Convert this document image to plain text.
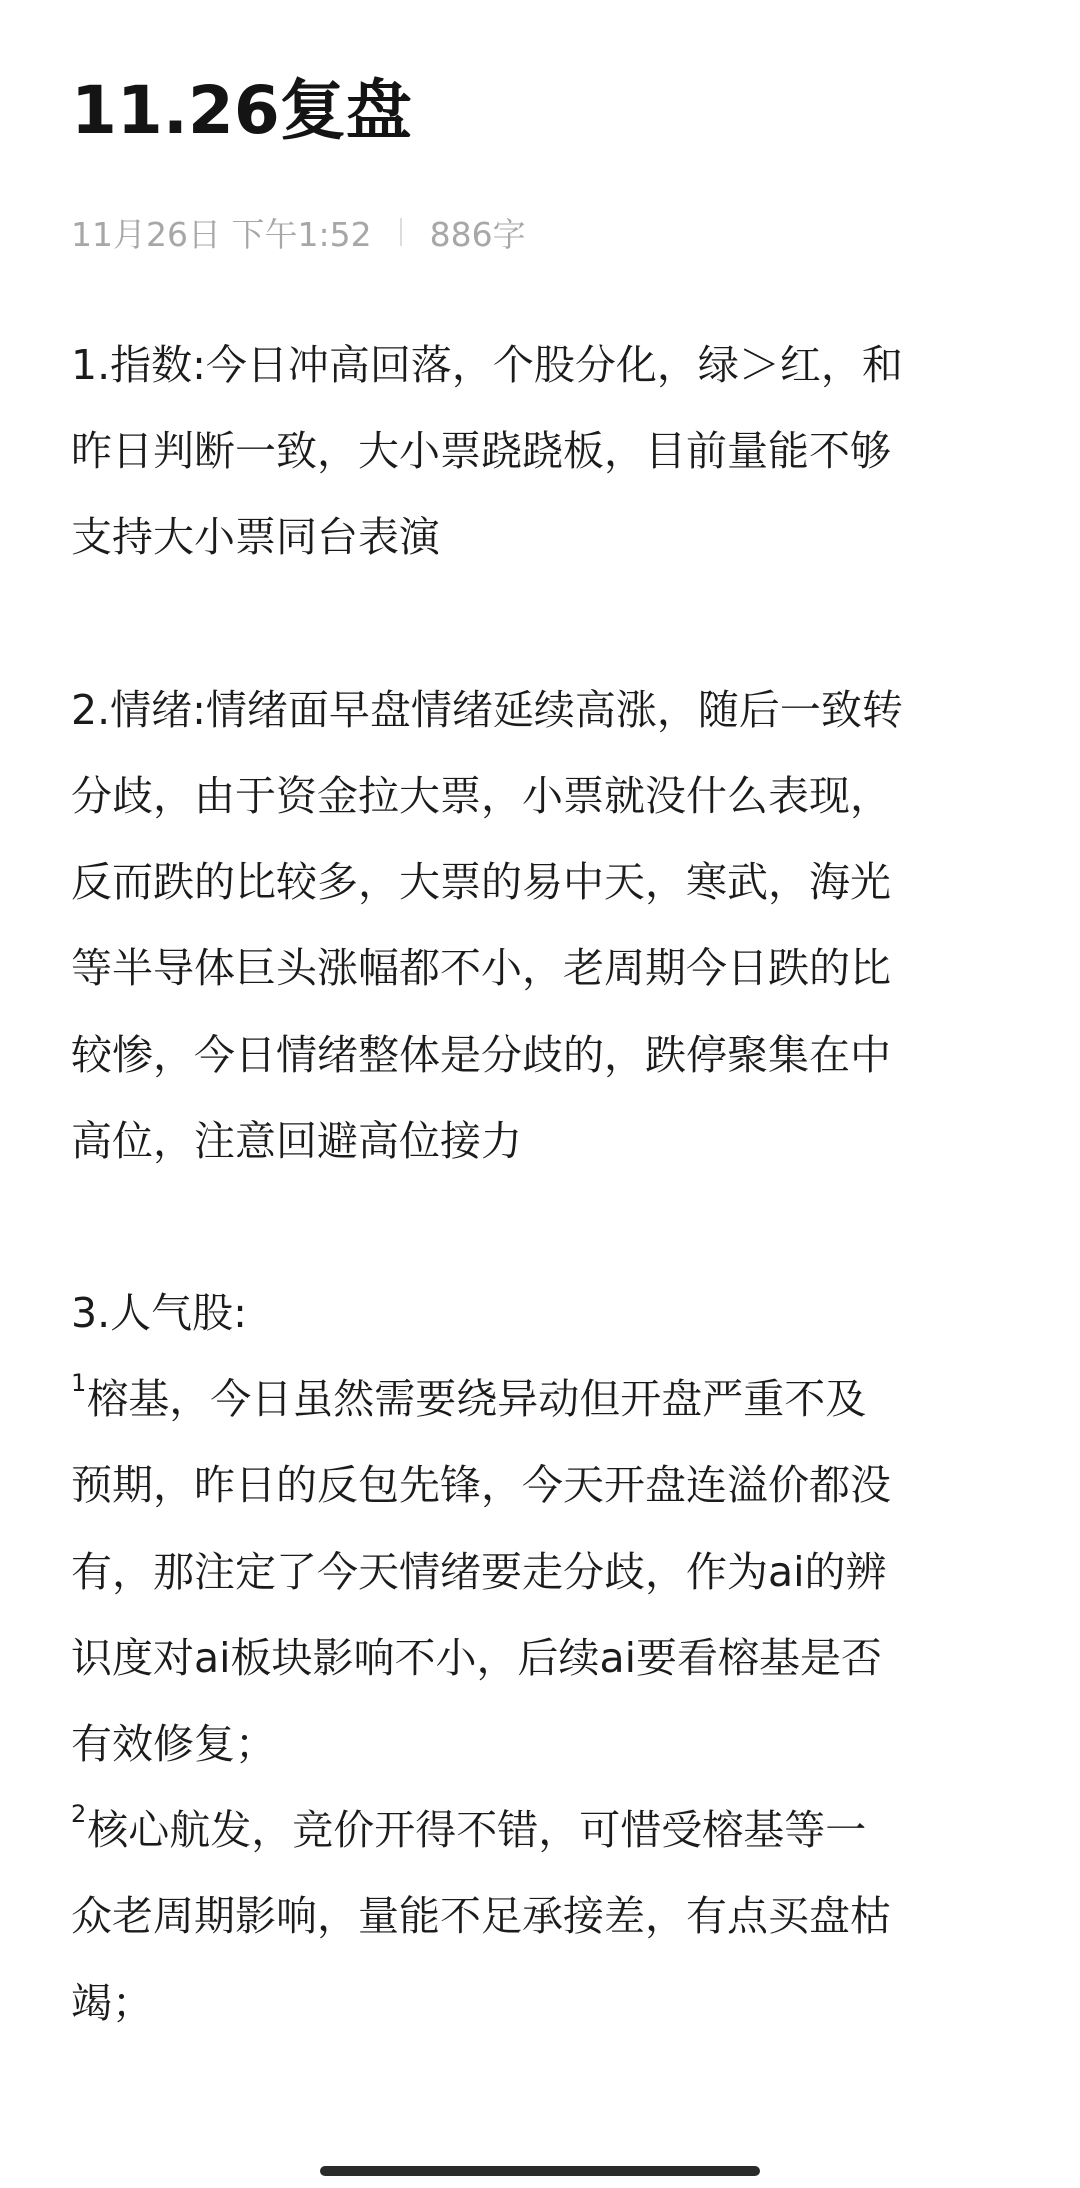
11.26复盘
11月26日 下午1:52 886字
1.指数:今日冲高回落，个股分化，绿＞红，和
昨日判断一致，大小票跷跷板，目前量能不够
支持大小票同台表演
2.情绪:情绪面早盘情绪延续高涨，随后一致转
分歧，由于资金拉大票，小票就没什么表现，
反而跌的比较多，大票的易中天，寒武，海光
等半导体巨头涨幅都不小，老周期今日跌的比
较惨，今日情绪整体是分歧的，跌停聚集在中
高位，注意回避高位接力
3.人气股:
$^1$榕基，今日虽然需要绕异动但开盘严重不及
预期，昨日的反包先锋，今天开盘连溢价都没
有，那注定了今天情绪要走分歧，作为ai的辨
识度对ai板块影响不小，后续ai要看榕基是否
有效修复；
$^2$核心航发，竞价开得不错，可惜受榕基等一
众老周期影响，量能不足承接差，有点买盘枯
竭；
